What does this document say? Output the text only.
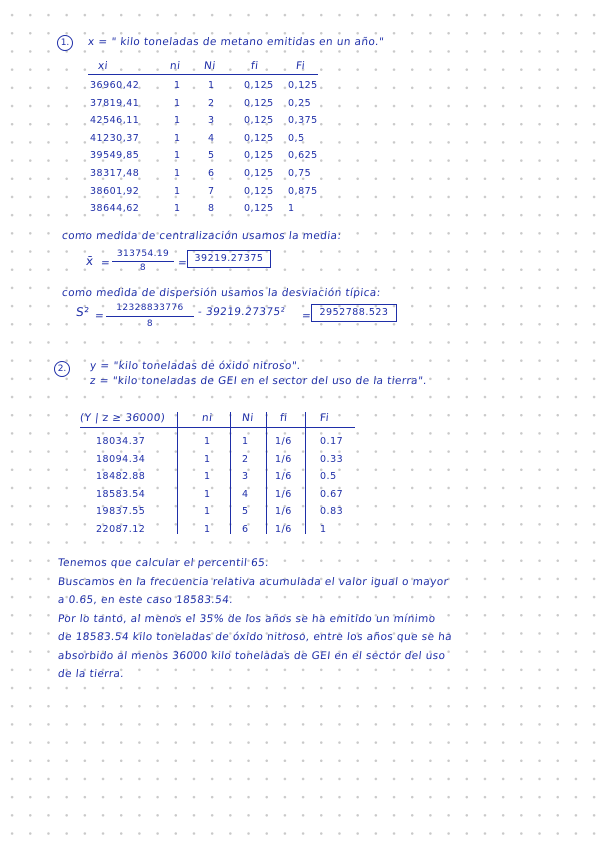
1.	x = " kilo toneladas de metano emitidas en un año."
xi	ni Ni	fi	Fi
36960,42	1	1	0,125 0,125
37819,41	1	2	0,125 0,25
42546,11	1	3	0,125 0,375
41230,37	1	4	0,125 0,5
39549,85	1	5	0,125 0,625
38317,48	1	6	0,125 0,75
38601,92	1	7	0,125 0,875
38644,62	1	8	0,125 1
como medida de centralización usamos la media:
x̄ =
313754.19
8	= 39219.27375
como medida de dispersión usamos la desviación típica:
S² =
12328833776
8
- 39219.27375² = 2952788.523
2.	y = "kilo toneladas de óxido nitroso".
z = "kilo toneladas de GEI en el sector del uso de la tierra".
(Y | z ≥ 36000)	ni	Ni fi	Fi
18034.37	1	1	1/6	0.17
18094.34	1	2	1/6	0.33
18482.88	1	3	1/6	0.5
18583.54	1	4	1/6	0.67
19837.55	1	5	1/6	0.83
22087.12	1	6	1/6	1
Tenemos que calcular el percentil 65.
Buscamos en la frecuencia relativa acumulada el valor igual o mayor
a 0.65, en este caso 18583.54.
Por lo tanto, al menos el 35% de los años se ha emitido un mínimo
de 18583.54 kilo toneladas de óxido nitroso, entre los años que se ha
absorbido al menos 36000 kilo toneladas de GEI en el sector del uso
de la tierra.
